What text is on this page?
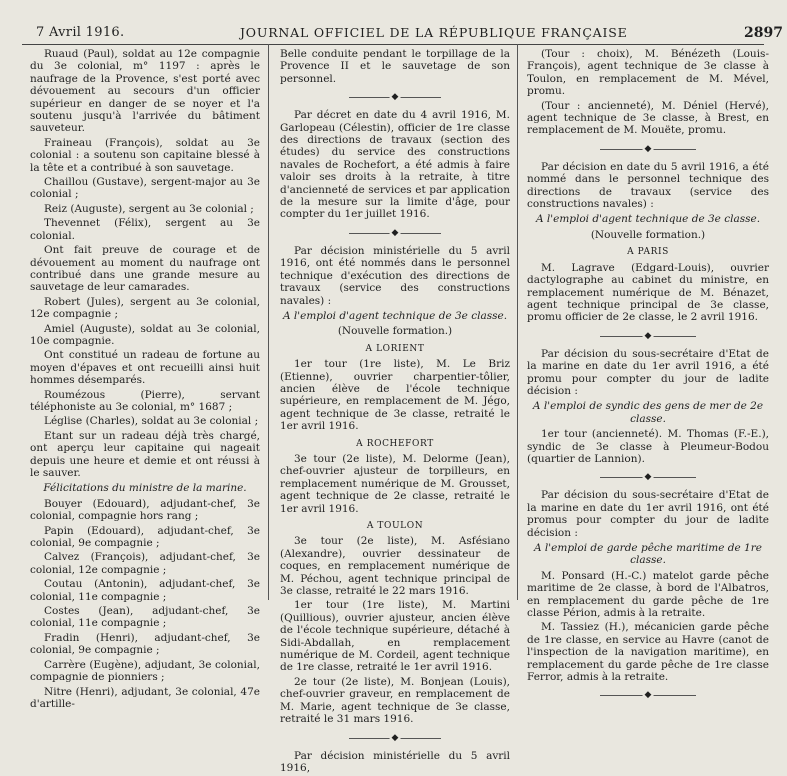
7 Avril 1916.	JOURNAL OFFICIEL DE LA RÉPUBLIQUE FRANÇAISE	2897

Ruaud (Paul), soldat au 12e compagnie du 3e colonial, m° 1197 : après le naufrage de la Provence, s'est porté avec dévouement au secours d'un officier supérieur en danger de se noyer et l'a soutenu jusqu'à l'arrivée du bâtiment sauveteur.

Fraineau (François), soldat au 3e colonial : a soutenu son capitaine blessé à la tête et a contribué à son sauvetage.

Chaillou (Gustave), sergent-major au 3e colonial ;

Reiz (Auguste), sergent au 3e colonial ;

Thevennet (Félix), sergent au 3e colonial.

Ont fait preuve de courage et de dévouement au moment du naufrage ont contribué dans une grande mesure au sauvetage de leur camarades.

Robert (Jules), sergent au 3e colonial, 12e compagnie ;

Amiel (Auguste), soldat au 3e colonial, 10e compagnie.

Ont constitué un radeau de fortune au moyen d'épaves et ont recueilli ainsi huit hommes désemparés.

Roumézous (Pierre), servant téléphoniste au 3e colonial, m° 1687 ;

Léglise (Charles), soldat au 3e colonial ;

Etant sur un radeau déjà très chargé, ont aperçu leur capitaine qui nageait depuis une heure et demie et ont réussi à le sauver.

Félicitations du ministre de la marine.

Bouyer (Edouard), adjudant-chef, 3e colonial, compagnie hors rang ;

Papin (Edouard), adjudant-chef, 3e colonial, 9e compagnie ;

Calvez (François), adjudant-chef, 3e colonial, 12e compagnie ;

Coutau (Antonin), adjudant-chef, 3e colonial, 11e compagnie ;

Costes (Jean), adjudant-chef, 3e colonial, 11e compagnie ;

Fradin (Henri), adjudant-chef, 3e colonial, 9e compagnie ;

Carrère (Eugène), adjudant, 3e colonial, compagnie de pionniers ;

Nitre (Henri), adjudant, 3e colonial, 47e d'artille-

Belle conduite pendant le torpillage de la Provence II et le sauvetage de son personnel.

◆

Par décret en date du 4 avril 1916, M. Garlopeau (Célestin), officier de 1re classe des directions de travaux (section des études) du service des constructions navales de Rochefort, a été admis à faire valoir ses droits à la retraite, à titre d'ancienneté de services et par application de la mesure sur la limite d'âge, pour compter du 1er juillet 1916.

◆

Par décision ministérielle du 5 avril 1916, ont été nommés dans le personnel technique d'exécution des directions de travaux (service des constructions navales) :

A l'emploi d'agent technique de 3e classe.

(Nouvelle formation.)

A LORIENT

1er tour (1re liste), M. Le Briz (Etienne), ouvrier charpentier-tôlier, ancien élève de l'école technique supérieure, en remplacement de M. Jégo, agent technique de 3e classe, retraité le 1er avril 1916.

A ROCHEFORT

3e tour (2e liste), M. Delorme (Jean), chef-ouvrier ajusteur de torpilleurs, en remplacement numérique de M. Grousset, agent technique de 2e classe, retraité le 1er avril 1916.

A TOULON

3e tour (2e liste), M. Asfésiano (Alexandre), ouvrier dessinateur de coques, en remplacement numérique de M. Péchou, agent technique principal de 3e classe, retraité le 22 mars 1916.

1er tour (1re liste), M. Martini (Quillious), ouvrier ajusteur, ancien élève de l'école technique supérieure, détaché à Sidi-Abdallah, en remplacement numérique de M. Cordeil, agent technique de 1re classe, retraité le 1er avril 1916.

2e tour (2e liste), M. Bonjean (Louis), chef-ouvrier graveur, en remplacement de M. Marie, agent technique de 3e classe, retraité le 31 mars 1916.

◆

Par décision ministérielle du 5 avril 1916,

(Tour : choix), M. Bénézeth (Louis-François), agent technique de 3e classe à Toulon, en remplacement de M. Mével, promu.

(Tour : ancienneté), M. Déniel (Hervé), agent technique de 3e classe, à Brest, en remplacement de M. Mouëte, promu.

◆

Par décision en date du 5 avril 1916, a été nommé dans le personnel technique des directions de travaux (service des constructions navales) :

A l'emploi d'agent technique de 3e classe.

(Nouvelle formation.)

A PARIS

M. Lagrave (Edgard-Louis), ouvrier dactylographe au cabinet du ministre, en remplacement numérique de M. Bénazet, agent technique principal de 3e classe, promu officier de 2e classe, le 2 avril 1916.

◆

Par décision du sous-secrétaire d'Etat de la marine en date du 1er avril 1916, a été promu pour compter du jour de ladite décision :

A l'emploi de syndic des gens de mer de 2e classe.

1er tour (ancienneté). M. Thomas (F.-E.), syndic de 3e classe à Pleumeur-Bodou (quartier de Lannion).

◆

Par décision du sous-secrétaire d'Etat de la marine en date du 1er avril 1916, ont été promus pour compter du jour de ladite décision :

A l'emploi de garde pêche maritime de 1re classe.

M. Ponsard (H.-C.) matelot garde pêche maritime de 2e classe, à bord de l'Albatros, en remplacement du garde pêche de 1re classe Périon, admis à la retraite.

M. Tassiez (H.), mécanicien garde pêche de 1re classe, en service au Havre (canot de l'inspection de la navigation maritime), en remplacement du garde pêche de 1re classe Ferror, admis à la retraite.

◆
